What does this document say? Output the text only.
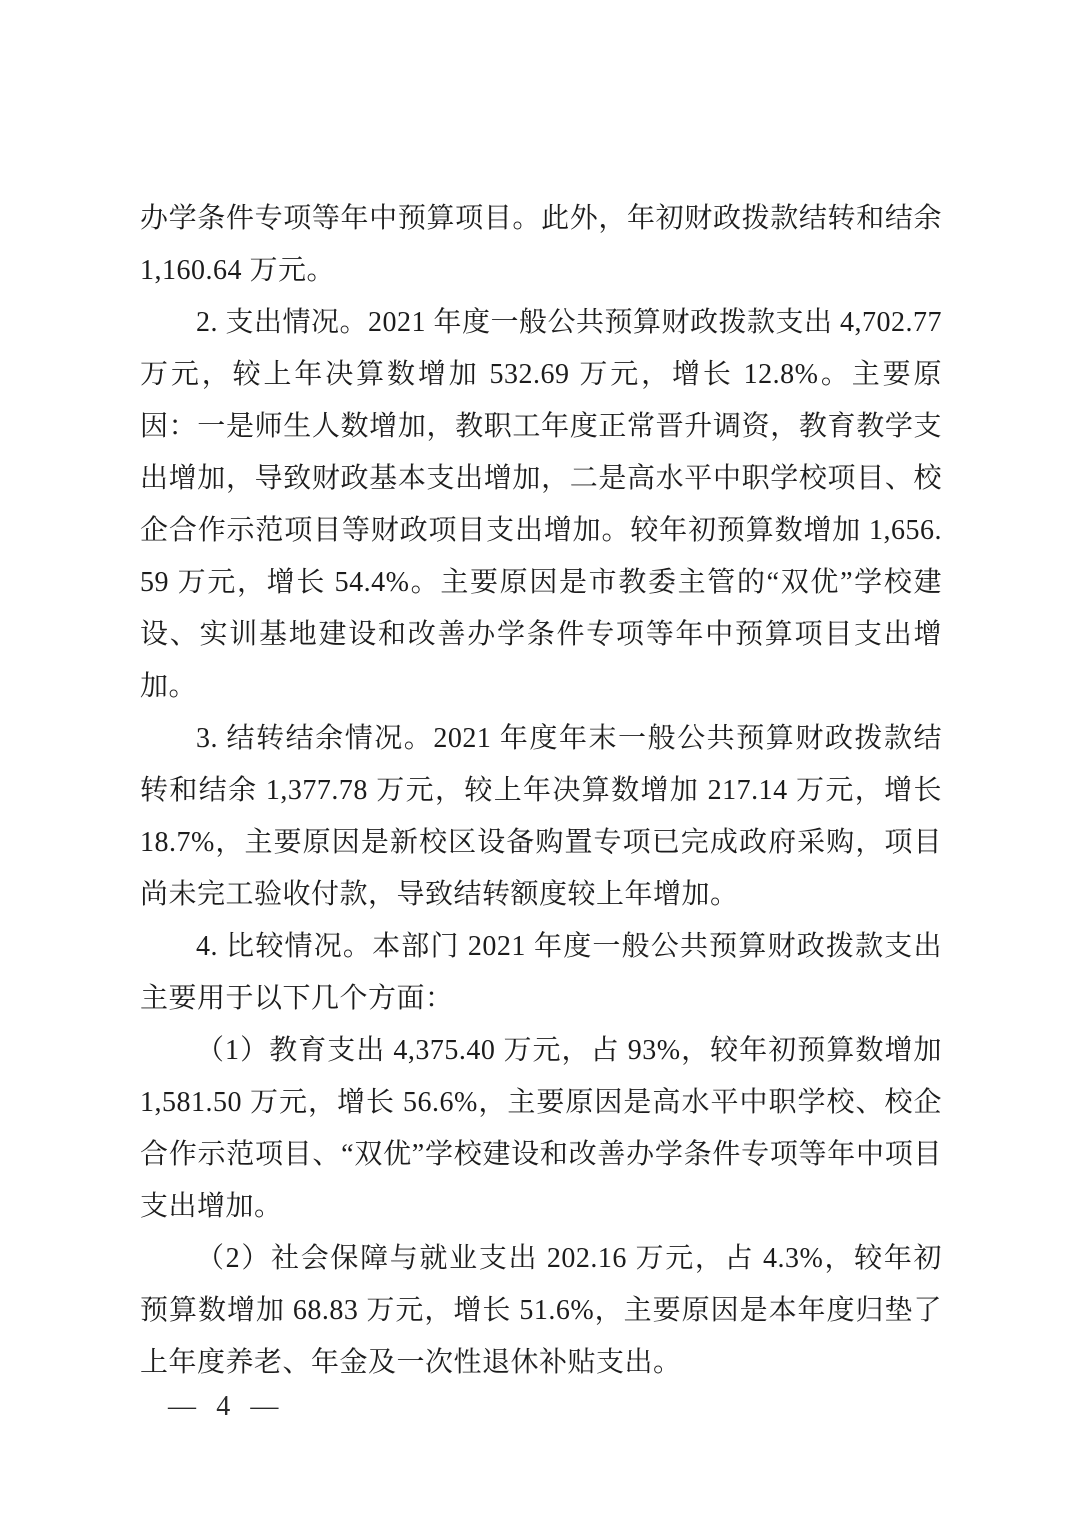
办学条件专项等年中预算项目。此外，年初财政拨款结转和结余1,160.64 万元。

2. 支出情况。2021 年度一般公共预算财政拨款支出 4,702.77 万元，较上年决算数增加 532.69 万元，增长 12.8%。主要原因：一是师生人数增加，教职工年度正常晋升调资，教育教学支出增加，导致财政基本支出增加，二是高水平中职学校项目、校企合作示范项目等财政项目支出增加。较年初预算数增加 1,656.59 万元，增长 54.4%。主要原因是市教委主管的“双优”学校建设、实训基地建设和改善办学条件专项等年中预算项目支出增加。

3. 结转结余情况。2021 年度年末一般公共预算财政拨款结转和结余 1,377.78 万元，较上年决算数增加 217.14 万元，增长 18.7%，主要原因是新校区设备购置专项已完成政府采购，项目尚未完工验收付款，导致结转额度较上年增加。

4. 比较情况。本部门 2021 年度一般公共预算财政拨款支出主要用于以下几个方面：

（1）教育支出 4,375.40 万元，占 93%，较年初预算数增加 1,581.50 万元，增长 56.6%，主要原因是高水平中职学校、校企合作示范项目、“双优”学校建设和改善办学条件专项等年中项目支出增加。

（2）社会保障与就业支出 202.16 万元，占 4.3%，较年初预算数增加 68.83 万元，增长 51.6%，主要原因是本年度归垫了上年度养老、年金及一次性退休补贴支出。

— 4 —
